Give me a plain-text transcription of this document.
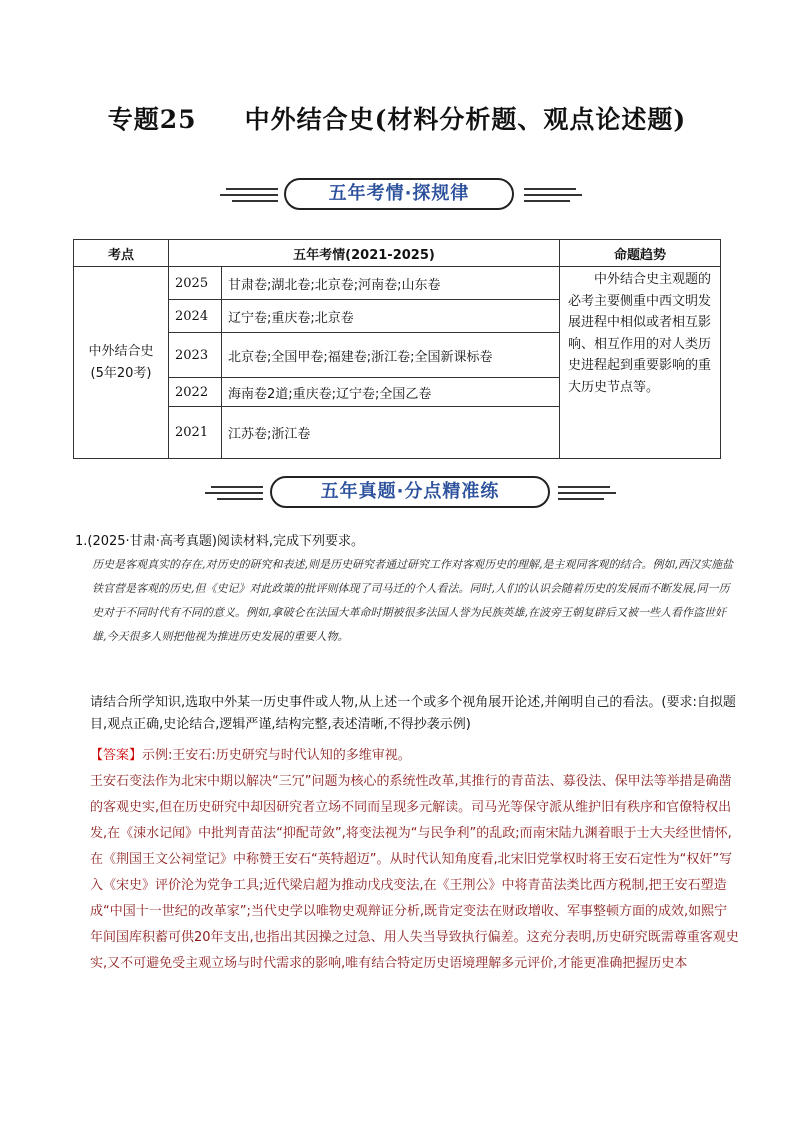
专题25 中外结合史(材料分析题、观点论述题)
五年考情·探规律
考点	五年考情(2021-2025)		命题趋势

中外结合史
(5年20考)	2025	甘肃卷;湖北卷;北京卷;河南卷;山东卷	中外结合史主观题的必考主要侧重中西文明发展进程中相似或者相互影响、相互作用的对人类历史进程起到重要影响的重大历史节点等。
	2024	辽宁卷;重庆卷;北京卷	
	2023	北京卷;全国甲卷;福建卷;浙江卷;全国新课标卷	
	2022	海南卷2道;重庆卷;辽宁卷;全国乙卷	
	2021	江苏卷;浙江卷	
五年真题·分点精准练
1.(2025·甘肃·高考真题)阅读材料,完成下列要求。
历史是客观真实的存在,对历史的研究和表述,则是历史研究者通过研究工作对客观历史的理解,是主观同客观的结合。例如,西汉实施盐铁官营是客观的历史,但《史记》对此政策的批评则体现了司马迁的个人看法。同时,人们的认识会随着历史的发展而不断发展,同一历史对于不同时代有不同的意义。例如,拿破仑在法国大革命时期被很多法国人誉为民族英雄,在波旁王朝复辟后又被一些人看作盗世奸雄,今天很多人则把他视为推进历史发展的重要人物。
请结合所学知识,选取中外某一历史事件或人物,从上述一个或多个视角展开论述,并阐明自己的看法。(要求:自拟题目,观点正确,史论结合,逻辑严谨,结构完整,表述清晰,不得抄袭示例)

【答案】示例:王安石:历史研究与时代认知的多维审视。

王安石变法作为北宋中期以解决“三冗”问题为核心的系统性改革,其推行的青苗法、募役法、保甲法等举措是确凿的客观史实,但在历史研究中却因研究者立场不同而呈现多元解读。司马光等保守派从维护旧有秩序和官僚特权出发,在《涑水记闻》中批判青苗法“抑配苛敛”,将变法视为“与民争利”的乱政;而南宋陆九渊着眼于士大夫经世情怀,在《荆国王文公祠堂记》中称赞王安石“英特超迈”。从时代认知角度看,北宋旧党掌权时将王安石定性为“权奸”写入《宋史》评价沦为党争工具;近代梁启超为推动戊戌变法,在《王荆公》中将青苗法类比西方税制,把王安石塑造成“中国十一世纪的改革家”;当代史学以唯物史观辩证分析,既肯定变法在财政增收、军事整顿方面的成效,如熙宁年间国库积蓄可供20年支出,也指出其因操之过急、用人失当导致执行偏差。这充分表明,历史研究既需尊重客观史实,又不可避免受主观立场与时代需求的影响,唯有结合特定历史语境理解多元评价,才能更准确把握历史本
